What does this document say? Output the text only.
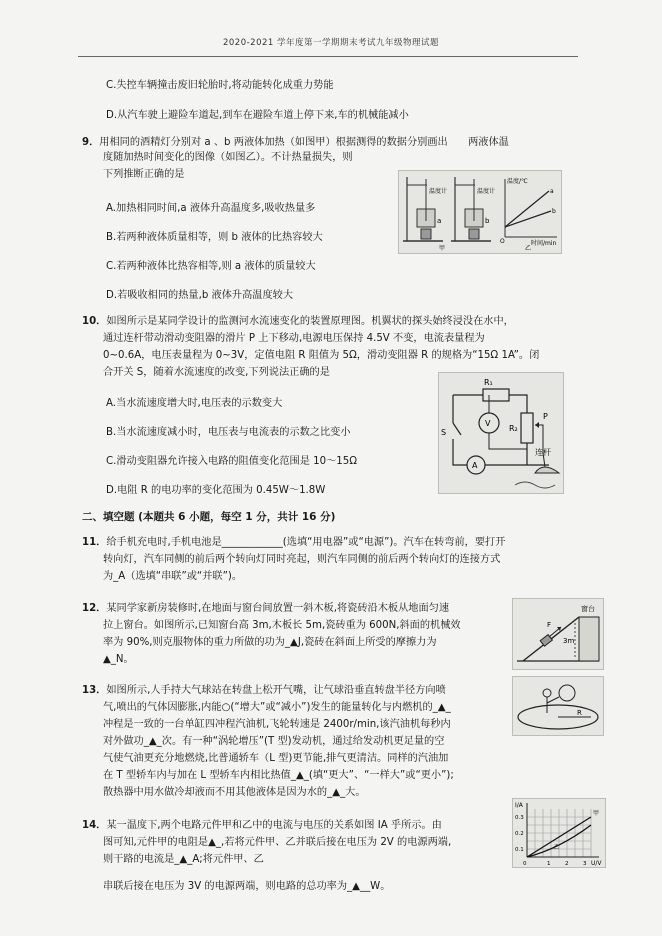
2020-2021 学年度第一学期期末考试九年级物理试题
C.失控车辆撞击废旧轮胎时,将动能转化成重力势能
D.从汽车驶上避险车道起,到车在避险车道上停下来,车的机械能减小
9．用相同的酒精灯分别对 a 、b 两液体加热（如图甲）根据测得的数据分别画出　　两液体温
度随加热时间变化的图像（如图乙）。不计热量损失，则
下列推断正确的是
A.加热相同时间,a 液体升高温度多,吸收热量多
B.若两种液体质量相等，则 b 液体的比热容较大
C.若两种液体比热容相等,则 a 液体的质量较大
D.若吸收相同的热量,b 液体升高温度较大
温度计
a
温度计
b
甲
温度/℃
时间/min
O
a
b
乙
10．如图所示是某同学设计的监测河水流速变化的装置原理图。机翼状的探头始终浸没在水中，
通过连杆带动滑动变阻器的滑片 P 上下移动,电源电压保持 4.5V 不变，电流表量程为
0~0.6A，电压表量程为 0~3V，定值电阻 R 阻值为 5Ω，滑动变阻器 R 的规格为“15Ω 1A”。闭
合开关 S，随着水流速度的改变,下列说法正确的是
A.当水流速度增大时,电压表的示数变大
B.当水流速度减小时，电压表与电流表的示数之比变小
C.滑动变阻器允许接入电路的阻值变化范围是 10～15Ω
D.电阻 R 的电功率的变化范围为 0.45W～1.8W
R₁
R₂
P
V
A
S
连杆
二、填空题 (本题共 6 小题，每空 1 分，共计 16 分)
11．给手机充电时,手机电池是____________(选填“用电器”或“电源”)。汽车在转弯前，要打开
转向灯，汽车同侧的前后两个转向灯同时亮起，则汽车同侧的前后两个转向灯的连接方式
为_A（选填“串联”或“并联”)。
12．某同学家新房装修时,在地面与窗台间放置一斜木板,将瓷砖沿木板从地面匀速
拉上窗台。如图所示,已知窗台高 3m,木板长 5m,瓷砖重为 600N,斜面的机械效
率为 90%,则克服物体的重力所做的功为_▲J,瓷砖在斜面上所受的摩擦力为
▲_N。
F
3m
窗台
13．如图所示,人手持大气球站在转盘上松开气嘴，让气球沿垂直转盘半径方向喷
气,喷出的气体因膨胀,内能○(“增大”或“减小”)发生的能量转化与内燃机的_▲_
冲程是一致的一台单缸四冲程汽油机,飞轮转速是 2400r/min,该汽油机每秒内
对外做功_▲_次。有一种“涡轮增压”(T 型)发动机，通过给发动机更足量的空
气使气油更充分地燃烧,比普通轿车（L 型)更节能,排气更清洁。同样的汽油加
在 T 型轿车内与加在 L 型轿车内相比热值_▲_(填“更大”、“一样大”或“更小”);
散热器中用水做冷却液而不用其他液体是因为水的_▲_大。
R
14．某一温度下,两个电路元件甲和乙中的电流与电压的关系如图 IA 乎所示。由
图可知,元件甲的电阻是▲_,若将元件甲、乙并联后接在电压为 2V 的电源两端,
则干路的电流是_▲_A;将元件甲、乙
串联后接在电压为 3V 的电源两端，则电路的总功率为_▲__W。
I/A
U/V
0.3
0.2
0.1
0	1	2	3
甲
乙
